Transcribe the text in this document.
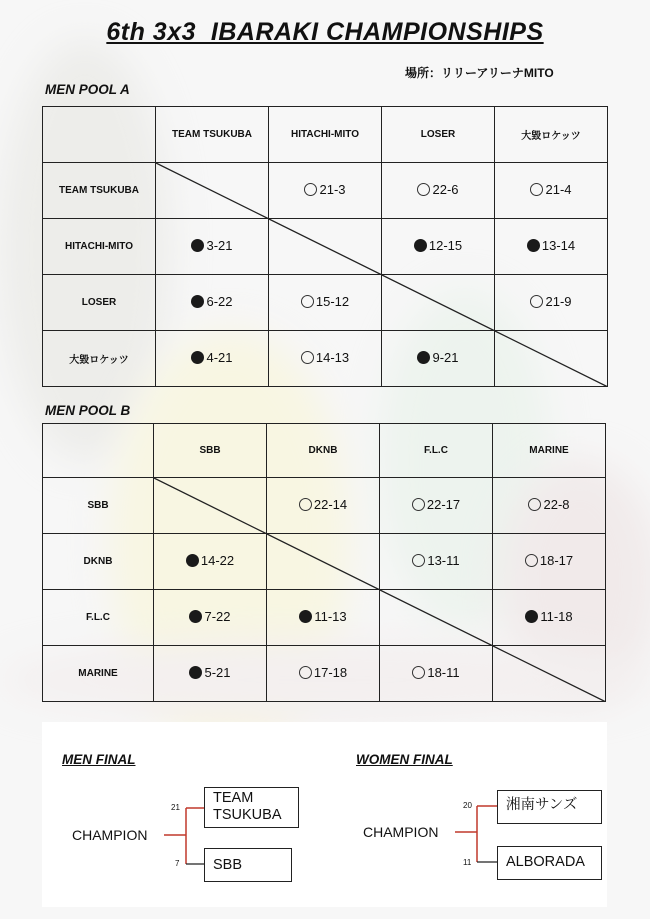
6th 3x3  IBARAKI CHAMPIONSHIPS
場所：リリーアリーナMITO
MEN POOL A
	TEAM TSUKUBA	HITACHI-MITO	LOSER	大毀ロケッツ
TEAM TSUKUBA		21-3	22-6	21-4

HITACHI-MITO	3-21		12-15	13-14

LOSER	6-22	15-12		21-9

大毀ロケッツ	4-21	14-13	9-21

MEN POOL B
	SBB	DKNB	F.L.C	MARINE
SBB		22-14	22-17	22-8

DKNB	14-22		13-11	18-17

F.L.C	7-22	11-13		11-18

MARINE	5-21	17-18	18-11

MEN FINAL
CHAMPION
21
TEAM
TSUKUBA
7	SBB
WOMEN FINAL
CHAMPION
20	湘南サンズ
11	ALBORADA
